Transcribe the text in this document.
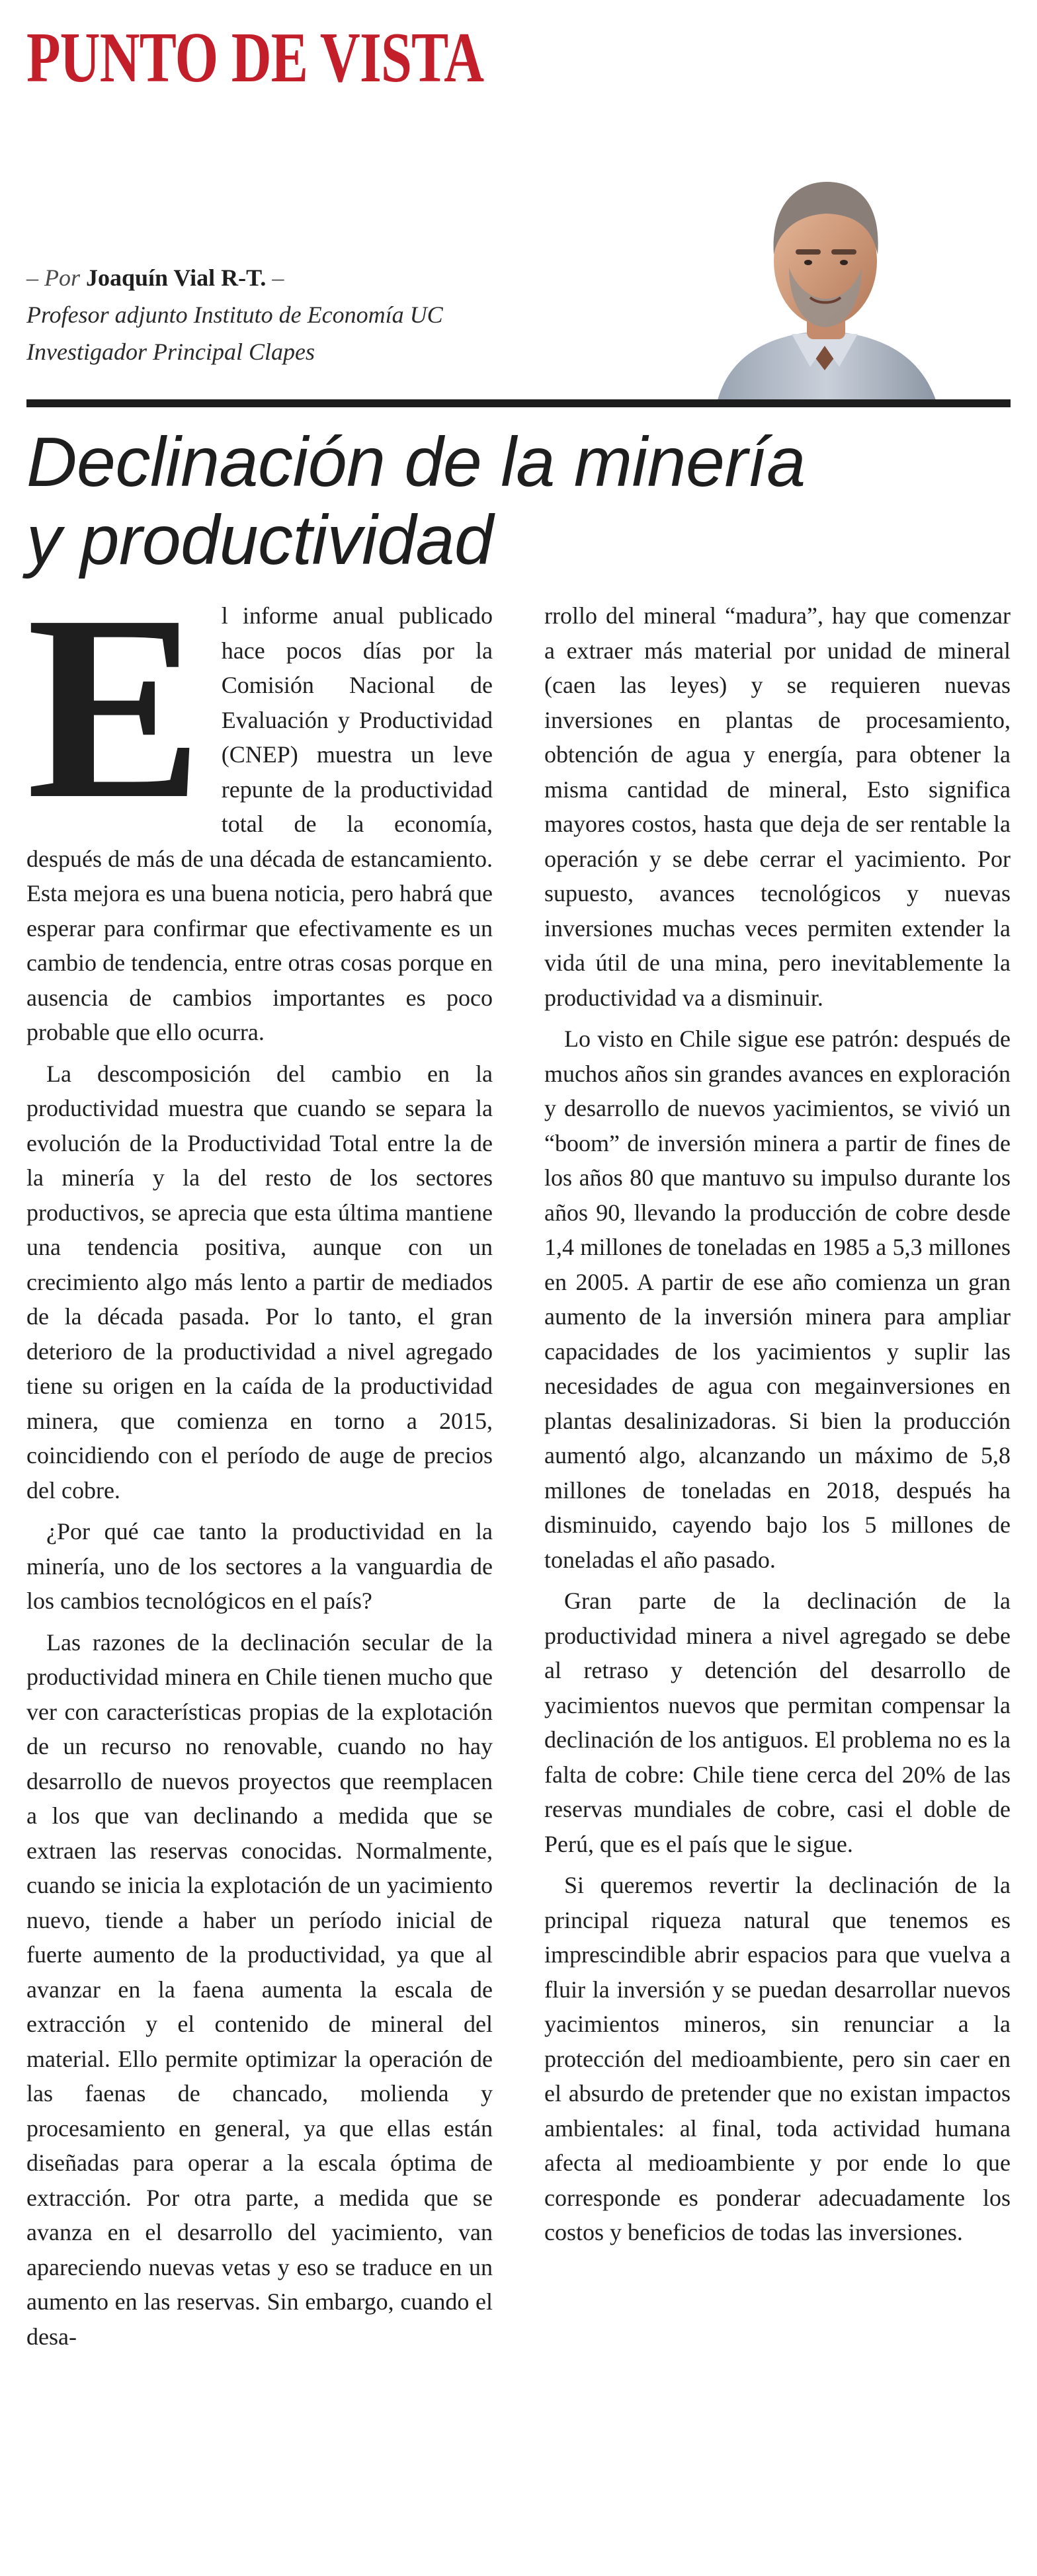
PUNTO DE VISTA
– Por Joaquín Vial R-T. –
Profesor adjunto Instituto de Economía UC
Investigador Principal Clapes
Declinación de la minería
y productividad

El informe anual publicado hace pocos días por la Comisión Nacional de Evaluación y Productividad (CNEP) muestra un leve repunte de la productividad total de la economía, después de más de una década de estancamiento. Esta mejora es una buena noticia, pero habrá que esperar para confirmar que efectivamente es un cambio de tendencia, entre otras cosas porque en ausencia de cambios importantes es poco probable que ello ocurra.

La descomposición del cambio en la productividad muestra que cuando se separa la evolución de la Productividad Total entre la de la minería y la del resto de los sectores productivos, se aprecia que esta última mantiene una tendencia positiva, aunque con un crecimiento algo más lento a partir de mediados de la década pasada. Por lo tanto, el gran deterioro de la productividad a nivel agregado tiene su origen en la caída de la productividad minera, que comienza en torno a 2015, coincidiendo con el período de auge de precios del cobre.

¿Por qué cae tanto la productividad en la minería, uno de los sectores a la vanguardia de los cambios tecnológicos en el país?

Las razones de la declinación secular de la productividad minera en Chile tienen mucho que ver con características propias de la explotación de un recurso no renovable, cuando no hay desarrollo de nuevos proyectos que reemplacen a los que van declinando a medida que se extraen las reservas conocidas. Normalmente, cuando se inicia la explotación de un yacimiento nuevo, tiende a haber un período inicial de fuerte aumento de la productividad, ya que al avanzar en la faena aumenta la escala de extracción y el contenido de mineral del material. Ello permite optimizar la operación de las faenas de chancado, molienda y procesamiento en general, ya que ellas están diseñadas para operar a la escala óptima de extracción. Por otra parte, a medida que se avanza en el desarrollo del yacimiento, van apareciendo nuevas vetas y eso se traduce en un aumento en las reservas. Sin embargo, cuando el desa-

rrollo del mineral “madura”, hay que comenzar a extraer más material por unidad de mineral (caen las leyes) y se requieren nuevas inversiones en plantas de procesamiento, obtención de agua y energía, para obtener la misma cantidad de mineral, Esto significa mayores costos, hasta que deja de ser rentable la operación y se debe cerrar el yacimiento. Por supuesto, avances tecnológicos y nuevas inversiones muchas veces permiten extender la vida útil de una mina, pero inevitablemente la productividad va a disminuir.

Lo visto en Chile sigue ese patrón: después de muchos años sin grandes avances en exploración y desarrollo de nuevos yacimientos, se vivió un “boom” de inversión minera a partir de fines de los años 80 que mantuvo su impulso durante los años 90, llevando la producción de cobre desde 1,4 millones de toneladas en 1985 a 5,3 millones en 2005. A partir de ese año comienza un gran aumento de la inversión minera para ampliar capacidades de los yacimientos y suplir las necesidades de agua con megainversiones en plantas desalinizadoras. Si bien la producción aumentó algo, alcanzando un máximo de 5,8 millones de toneladas en 2018, después ha disminuido, cayendo bajo los 5 millones de toneladas el año pasado.

Gran parte de la declinación de la productividad minera a nivel agregado se debe al retraso y detención del desarrollo de yacimientos nuevos que permitan compensar la declinación de los antiguos. El problema no es la falta de cobre: Chile tiene cerca del 20% de las reservas mundiales de cobre, casi el doble de Perú, que es el país que le sigue.

Si queremos revertir la declinación de la principal riqueza natural que tenemos es imprescindible abrir espacios para que vuelva a fluir la inversión y se puedan desarrollar nuevos yacimientos mineros, sin renunciar a la protección del medioambiente, pero sin caer en el absurdo de pretender que no existan impactos ambientales: al final, toda actividad humana afecta al medioambiente y por ende lo que corresponde es ponderar adecuadamente los costos y beneficios de todas las inversiones.
